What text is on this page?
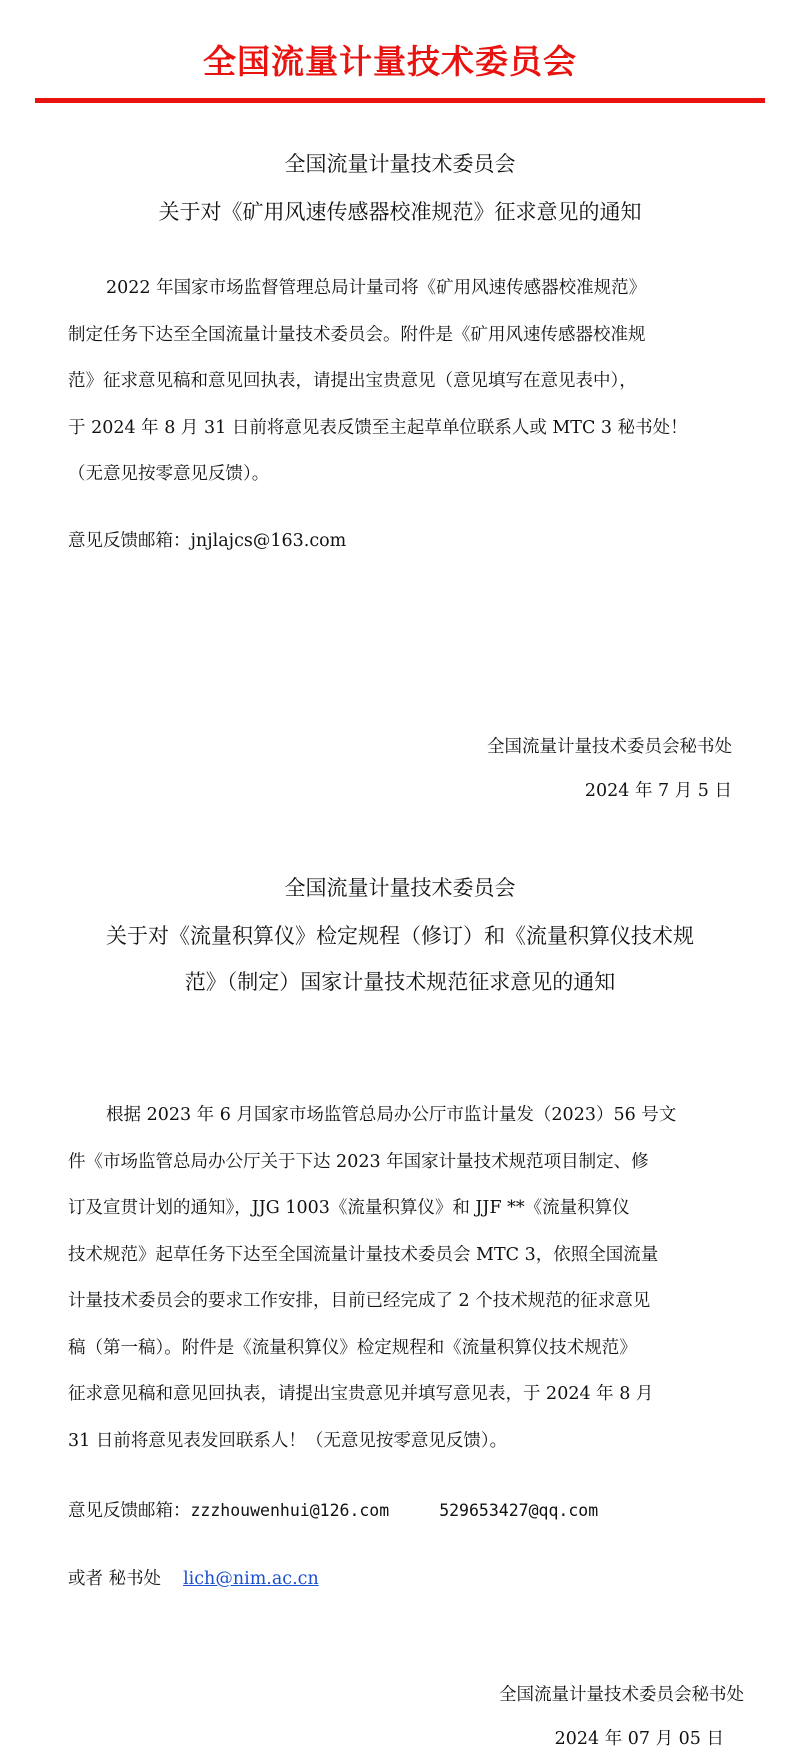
全国流量计量技术委员会
全国流量计量技术委员会
关于对《矿用风速传感器校准规范》征求意见的通知
2022 年国家市场监督管理总局计量司将《矿用风速传感器校准规范》
制定任务下达至全国流量计量技术委员会。附件是《矿用风速传感器校准规
范》征求意见稿和意见回执表，请提出宝贵意见（意见填写在意见表中），
于 2024 年 8 月 31 日前将意见表反馈至主起草单位联系人或 MTC 3 秘书处！
（无意见按零意见反馈）。
意见反馈邮箱：jnjlajcs@163.com
全国流量计量技术委员会秘书处
2024 年 7 月 5 日
全国流量计量技术委员会
关于对《流量积算仪》检定规程（修订）和《流量积算仪技术规
范》（制定）国家计量技术规范征求意见的通知
根据 2023 年 6 月国家市场监管总局办公厅市监计量发（2023）56 号文
件《市场监管总局办公厅关于下达 2023 年国家计量技术规范项目制定、修
订及宣贯计划的通知》，JJG 1003《流量积算仪》和 JJF **《流量积算仪
技术规范》起草任务下达至全国流量计量技术委员会 MTC 3，依照全国流量
计量技术委员会的要求工作安排，目前已经完成了 2 个技术规范的征求意见
稿（第一稿）。附件是《流量积算仪》检定规程和《流量积算仪技术规范》
征求意见稿和意见回执表，请提出宝贵意见并填写意见表，于 2024 年 8 月
31 日前将意见表发回联系人！（无意见按零意见反馈）。
意见反馈邮箱：zzzhouwenhui@126.com	529653427@qq.com
或者 秘书处 lich@nim.ac.cn
全国流量计量技术委员会秘书处
2024 年 07 月 05 日
